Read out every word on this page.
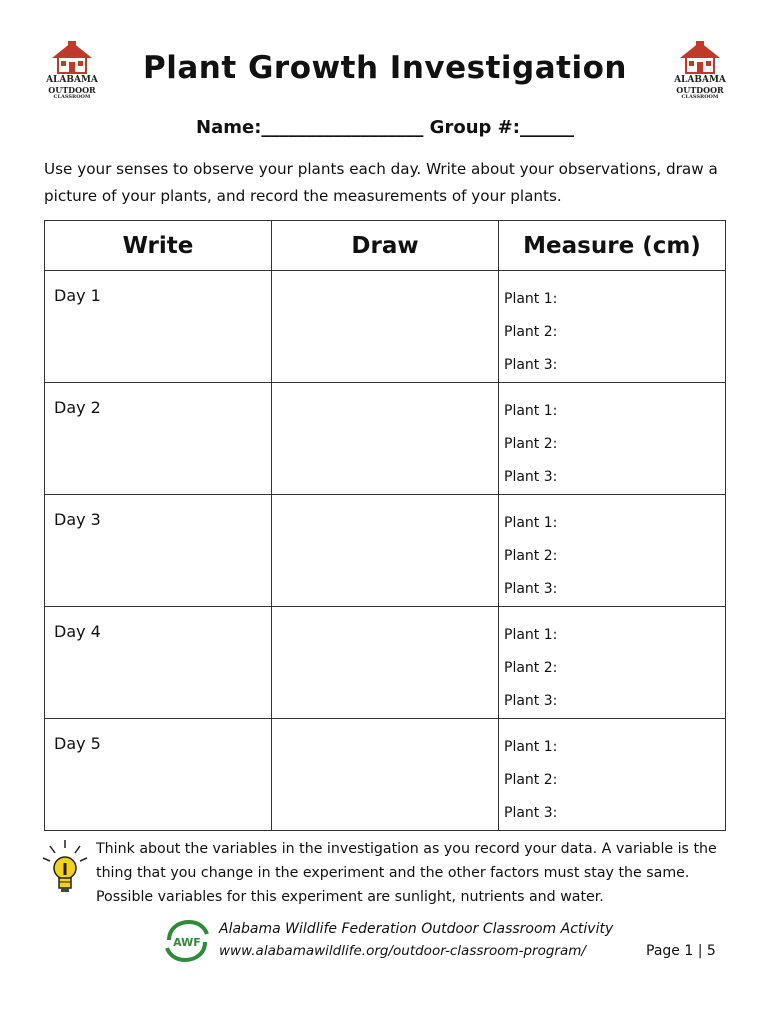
ALABAMA
OUTDOOR
CLASSROOM
ALABAMA
OUTDOOR
CLASSROOM
Plant Growth Investigation
Name:__________________ Group #:______
Use your senses to observe your plants each day. Write about your observations, draw a picture of your plants, and record the measurements of your plants.
Write	Draw	Measure (cm)

Day 1		Plant 1:
Plant 2:
Plant 3:

Day 2		Plant 1:
Plant 2:
Plant 3:

Day 3		Plant 1:
Plant 2:
Plant 3:

Day 4		Plant 1:
Plant 2:
Plant 3:

Day 5		Plant 1:
Plant 2:
Plant 3:
Think about the variables in the investigation as you record your data. A variable is the thing that you change in the experiment and the other factors must stay the same. Possible variables for this experiment are sunlight, nutrients and water.
AWF
Alabama Wildlife Federation Outdoor Classroom Activity
www.alabamawildlife.org/outdoor-classroom-program/	Page 1 | 5
